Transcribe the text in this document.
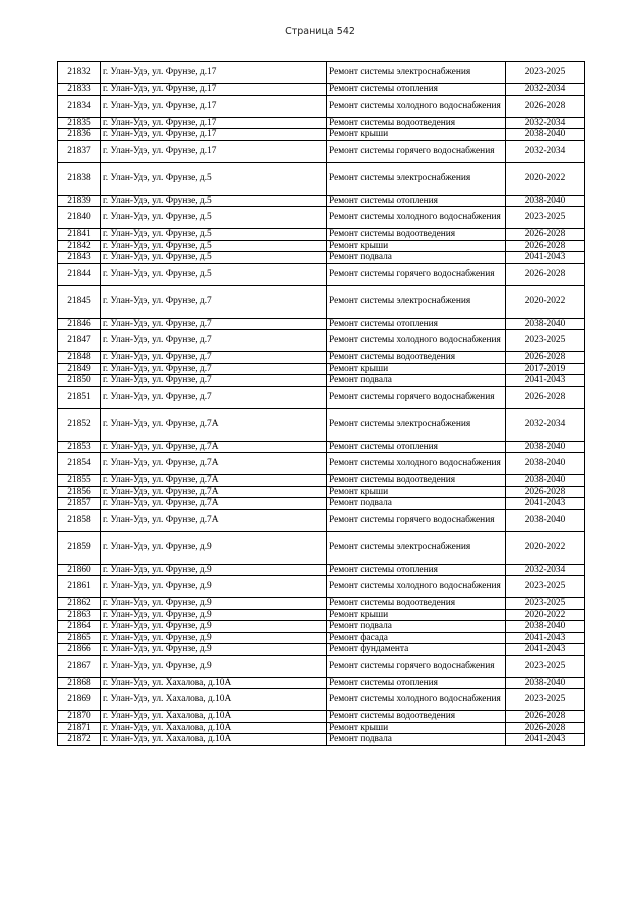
Страница 542
21832	г. Улан-Удэ, ул. Фрунзе, д.17	Ремонт системы электроснабжения	2023-2025
21833	г. Улан-Удэ, ул. Фрунзе, д.17	Ремонт системы отопления	2032-2034
21834	г. Улан-Удэ, ул. Фрунзе, д.17	Ремонт системы холодного водоснабжения	2026-2028
21835	г. Улан-Удэ, ул. Фрунзе, д.17	Ремонт системы водоотведения	2032-2034
21836	г. Улан-Удэ, ул. Фрунзе, д.17	Ремонт крыши	2038-2040
21837	г. Улан-Удэ, ул. Фрунзе, д.17	Ремонт системы горячего водоснабжения	2032-2034
21838	г. Улан-Удэ, ул. Фрунзе, д.5	Ремонт системы электроснабжения	2020-2022
21839	г. Улан-Удэ, ул. Фрунзе, д.5	Ремонт системы отопления	2038-2040
21840	г. Улан-Удэ, ул. Фрунзе, д.5	Ремонт системы холодного водоснабжения	2023-2025
21841	г. Улан-Удэ, ул. Фрунзе, д.5	Ремонт системы водоотведения	2026-2028
21842	г. Улан-Удэ, ул. Фрунзе, д.5	Ремонт крыши	2026-2028
21843	г. Улан-Удэ, ул. Фрунзе, д.5	Ремонт подвала	2041-2043
21844	г. Улан-Удэ, ул. Фрунзе, д.5	Ремонт системы горячего водоснабжения	2026-2028
21845	г. Улан-Удэ, ул. Фрунзе, д.7	Ремонт системы электроснабжения	2020-2022
21846	г. Улан-Удэ, ул. Фрунзе, д.7	Ремонт системы отопления	2038-2040
21847	г. Улан-Удэ, ул. Фрунзе, д.7	Ремонт системы холодного водоснабжения	2023-2025
21848	г. Улан-Удэ, ул. Фрунзе, д.7	Ремонт системы водоотведения	2026-2028
21849	г. Улан-Удэ, ул. Фрунзе, д.7	Ремонт крыши	2017-2019
21850	г. Улан-Удэ, ул. Фрунзе, д.7	Ремонт подвала	2041-2043
21851	г. Улан-Удэ, ул. Фрунзе, д.7	Ремонт системы горячего водоснабжения	2026-2028
21852	г. Улан-Удэ, ул. Фрунзе, д.7А	Ремонт системы электроснабжения	2032-2034
21853	г. Улан-Удэ, ул. Фрунзе, д.7А	Ремонт системы отопления	2038-2040
21854	г. Улан-Удэ, ул. Фрунзе, д.7А	Ремонт системы холодного водоснабжения	2038-2040
21855	г. Улан-Удэ, ул. Фрунзе, д.7А	Ремонт системы водоотведения	2038-2040
21856	г. Улан-Удэ, ул. Фрунзе, д.7А	Ремонт крыши	2026-2028
21857	г. Улан-Удэ, ул. Фрунзе, д.7А	Ремонт подвала	2041-2043
21858	г. Улан-Удэ, ул. Фрунзе, д.7А	Ремонт системы горячего водоснабжения	2038-2040
21859	г. Улан-Удэ, ул. Фрунзе, д.9	Ремонт системы электроснабжения	2020-2022
21860	г. Улан-Удэ, ул. Фрунзе, д.9	Ремонт системы отопления	2032-2034
21861	г. Улан-Удэ, ул. Фрунзе, д.9	Ремонт системы холодного водоснабжения	2023-2025
21862	г. Улан-Удэ, ул. Фрунзе, д.9	Ремонт системы водоотведения	2023-2025
21863	г. Улан-Удэ, ул. Фрунзе, д.9	Ремонт крыши	2020-2022
21864	г. Улан-Удэ, ул. Фрунзе, д.9	Ремонт подвала	2038-2040
21865	г. Улан-Удэ, ул. Фрунзе, д.9	Ремонт фасада	2041-2043
21866	г. Улан-Удэ, ул. Фрунзе, д.9	Ремонт фундамента	2041-2043
21867	г. Улан-Удэ, ул. Фрунзе, д.9	Ремонт системы горячего водоснабжения	2023-2025
21868	г. Улан-Удэ, ул. Хахалова, д.10А	Ремонт системы отопления	2038-2040
21869	г. Улан-Удэ, ул. Хахалова, д.10А	Ремонт системы холодного водоснабжения	2023-2025
21870	г. Улан-Удэ, ул. Хахалова, д.10А	Ремонт системы водоотведения	2026-2028
21871	г. Улан-Удэ, ул. Хахалова, д.10А	Ремонт крыши	2026-2028
21872	г. Улан-Удэ, ул. Хахалова, д.10А	Ремонт подвала	2041-2043
